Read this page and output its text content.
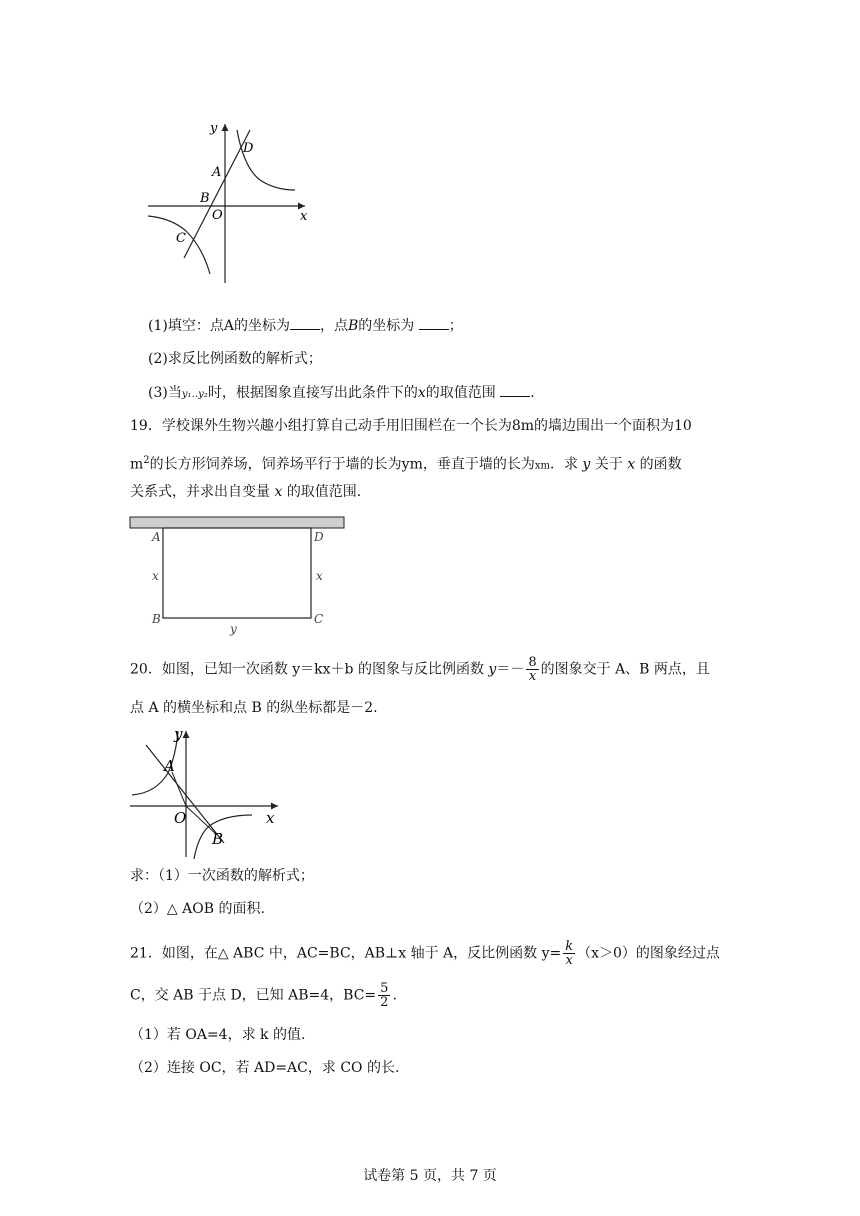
y
D
A
B
O	x
C
(1)填空：点A的坐标为 ，点B的坐标为 ；
(2)求反比例函数的解析式；
(3)当y₁‥y₂时，根据图象直接写出此条件下的x的取值范围 .
19．学校课外生物兴趣小组打算自己动手用旧围栏在一个长为8m的墙边围出一个面积为10
$m^2$的长方形饲养场，饲养场平行于墙的长为ym，垂直于墙的长为xm．求 y 关于 x 的函数
关系式，并求出自变量 x 的取值范围.
A	D
x	x
B	C
y
20．如图，已知一次函数 y＝kx＋b 的图象与反比例函数 $y=- \frac{8}{x}$ 的图象交于 A、B 两点，且
点 A 的横坐标和点 B 的纵坐标都是－2.
y
A
O	x
B
求：（1）一次函数的解析式；
（2）△ AOB 的面积.
21．如图，在△ ABC 中，AC=BC，AB⊥x 轴于 A，反比例函数 $y= \frac{k}{x} (x>0)$的图象经过点
C，交 AB 于点 D，已知 AB=4，$BC= \frac{5}{2}$ .
（1）若 OA=4，求 k 的值.
（2）连接 OC，若 AD=AC，求 CO 的长.
试卷第 5 页，共 7 页
